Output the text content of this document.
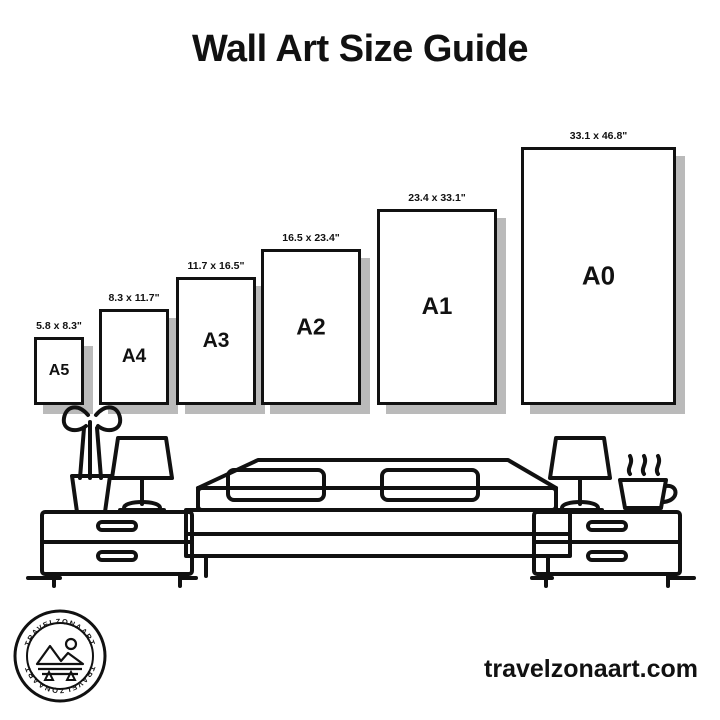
Wall Art Size Guide
5.8 x 8.3"
A5
8.3 x 11.7"
A4
11.7 x 16.5"
A3
16.5 x 23.4"
A2
23.4 x 33.1"
A1
33.1 x 46.8"
A0
TRAVELZONAART
TRAVELZONAART	travelzonaart.com
